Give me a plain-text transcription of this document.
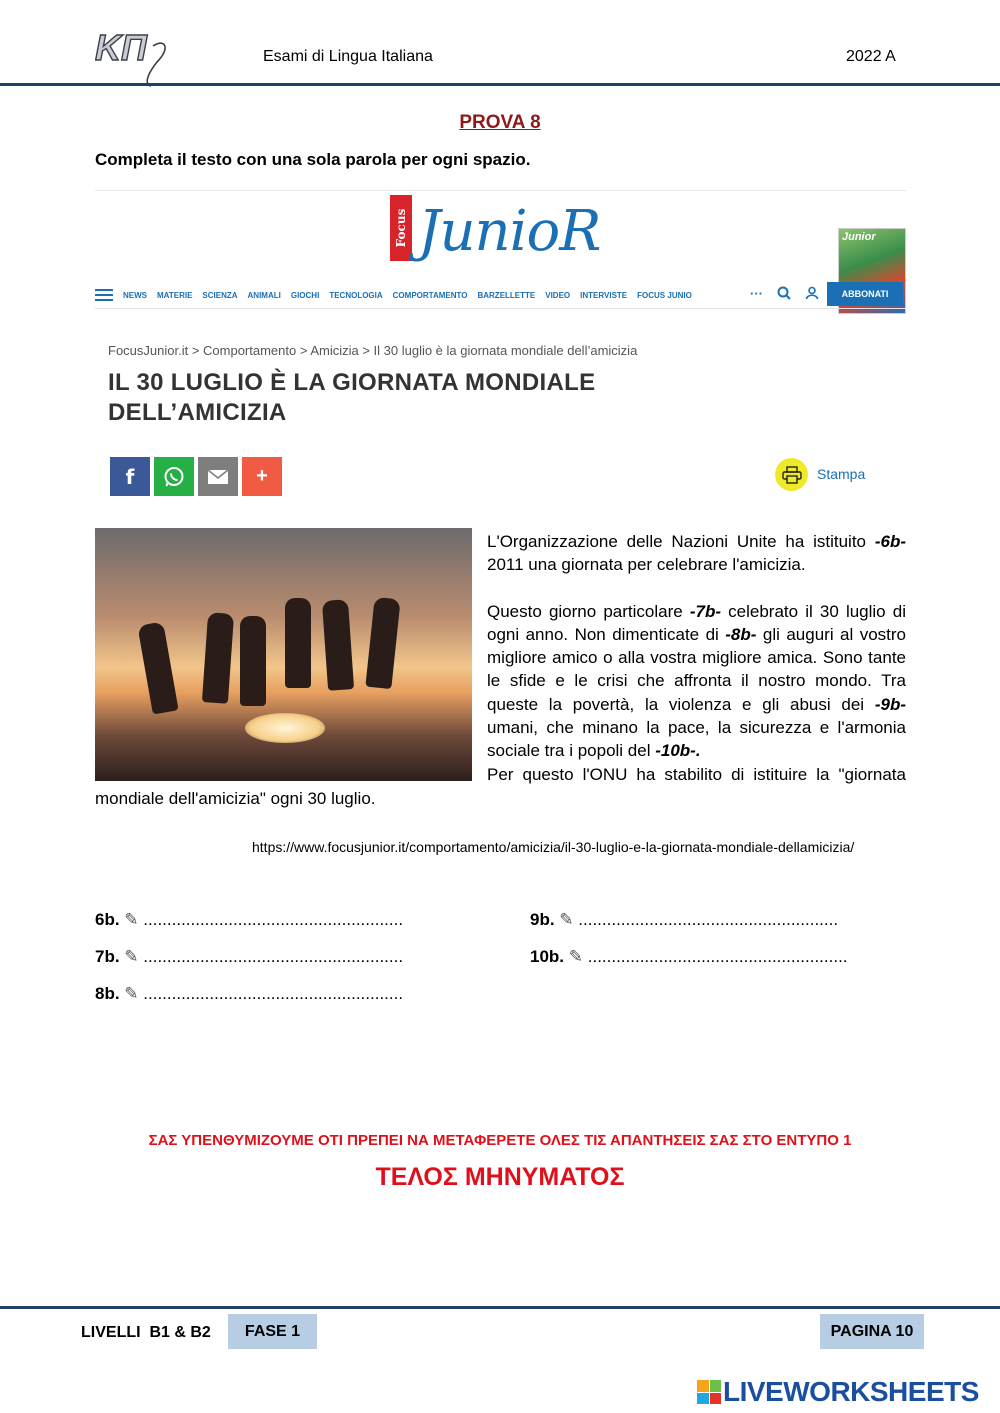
KΠ	Esami di Lingua Italiana	2022 A
PROVA 8
Completa il testo con una sola parola per ogni spazio.
Focus JunioR
NEWS MATERIE SCIENZA ANIMALI GIOCHI TECNOLOGIA COMPORTAMENTO BARZELLETTE VIDEO INTERVISTE FOCUS JUNIO	···
Junior
ABBONATI
FocusJunior.it > Comportamento > Amicizia > Il 30 luglio è la giornata mondiale dell’amicizia
IL 30 LUGLIO È LA GIORNATA MONDIALE DELL’AMICIZIA
f	+	Stampa

L'Organizzazione delle Nazioni Unite ha istituito -6b- 2011 una giornata per celebrare l'amicizia.

Questo giorno particolare -7b- celebrato il 30 luglio di ogni anno. Non dimenticate di -8b- gli auguri al vostro migliore amico o alla vostra migliore amica. Sono tante le sfide e le crisi che affronta il nostro mondo. Tra queste la povertà, la violenza e gli abusi dei -9b- umani, che minano la pace, la sicurezza e l'armonia sociale tra i popoli del -10b-.

Per questo l'ONU ha stabilito di istituire la "giornata

mondiale dell'amicizia" ogni 30 luglio.
https://www.focusjunior.it/comportamento/amicizia/il-30-luglio-e-la-giornata-mondiale-dellamicizia/
6b. ✎ .......................................................
7b. ✎ .......................................................
8b. ✎ .......................................................
9b. ✎ .......................................................
10b. ✎ .......................................................
ΣΑΣ ΥΠΕΝΘΥΜΙΖΟΥΜΕ ΟΤΙ ΠΡΕΠΕΙ ΝΑ ΜΕΤΑΦΕΡΕΤΕ ΟΛΕΣ ΤΙΣ ΑΠΑΝΤΗΣΕΙΣ ΣΑΣ ΣΤΟ ΕΝΤΥΠΟ 1
ΤΕΛΟΣ ΜΗΝΥΜΑΤΟΣ
LIVELLI  B1 & B2	FASE 1	PAGINA 10
LIVEWORKSHEETS
